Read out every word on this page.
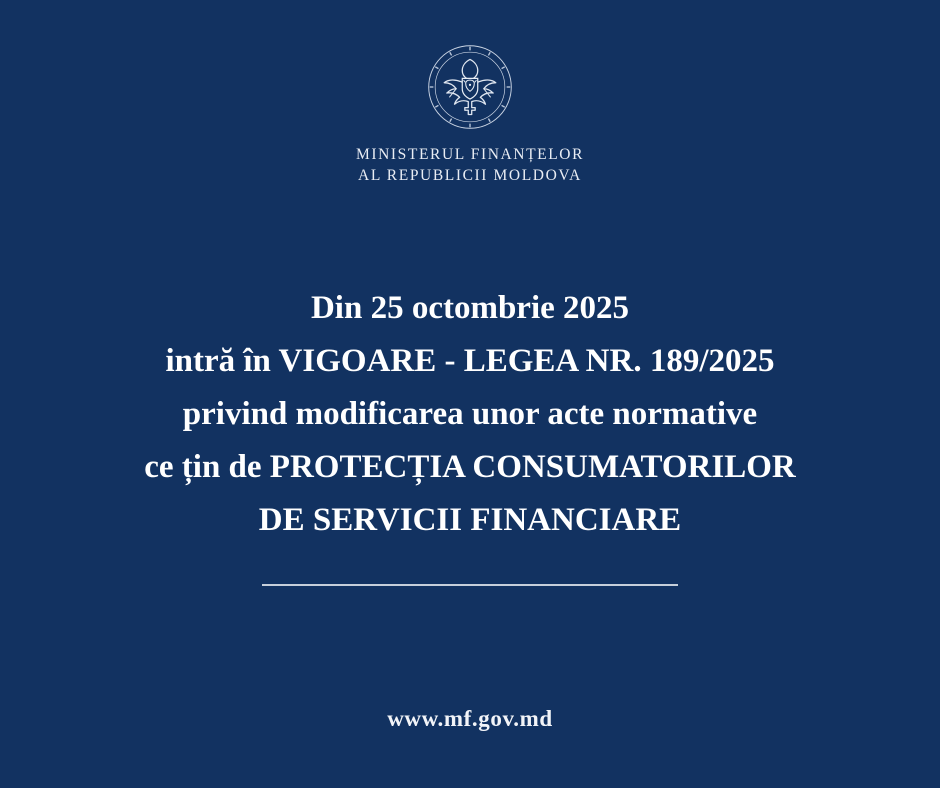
MINISTERUL FINANȚELOR
AL REPUBLICII MOLDOVA
Din 25 octombrie 2025
intră în VIGOARE - LEGEA NR. 189/2025
privind modificarea unor acte normative
ce țin de PROTECȚIA CONSUMATORILOR
DE SERVICII FINANCIARE
www.mf.gov.md
